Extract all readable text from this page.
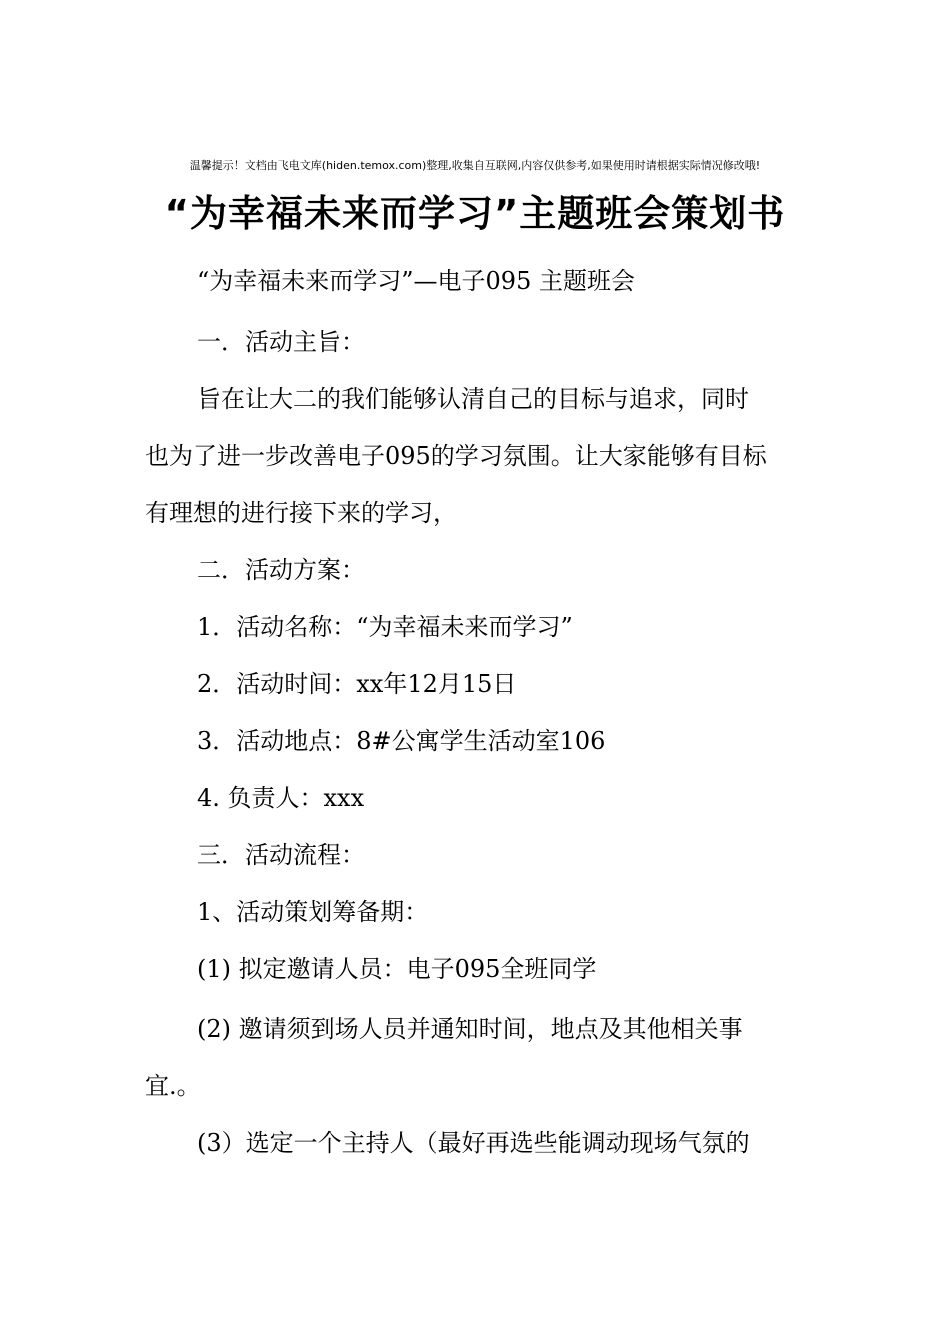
温馨提示！文档由飞电文库(hiden.temox.com)整理,收集自互联网,内容仅供参考,如果使用时请根据实际情况修改哦!
“为幸福未来而学习”主题班会策划书
“为幸福未来而学习”—电子095 主题班会
一．活动主旨：
旨在让大二的我们能够认清自己的目标与追求，同时
也为了进一步改善电子095的学习氛围。让大家能够有目标
有理想的进行接下来的学习，
二．活动方案：
1．活动名称：“为幸福未来而学习”
2．活动时间：xx年12月15日
3．活动地点：8#公寓学生活动室106
4. 负责人：xxx
三．活动流程：
1、活动策划筹备期：
(1) 拟定邀请人员：电子095全班同学
(2) 邀请须到场人员并通知时间，地点及其他相关事
宜.。
(3）选定一个主持人（最好再选些能调动现场气氛的
